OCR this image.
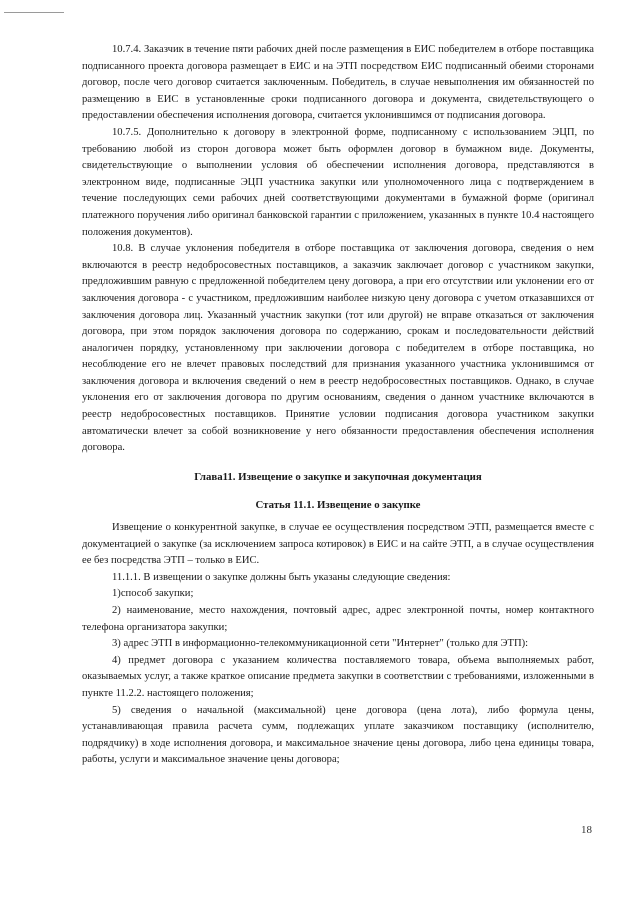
10.7.4. Заказчик в течение пяти рабочих дней после размещения в ЕИС победителем в отборе поставщика подписанного проекта договора размещает в ЕИС и на ЭТП посредством ЕИС подписанный обеими сторонами договор, после чего договор считается заключенным. Победитель, в случае невыполнения им обязанностей по размещению в ЕИС в установленные сроки подписанного договора и документа, свидетельствующего о предоставлении обеспечения исполнения договора, считается уклонившимся от подписания договора.

10.7.5. Дополнительно к договору в электронной форме, подписанному с использованием ЭЦП, по требованию любой из сторон договора может быть оформлен договор в бумажном виде. Документы, свидетельствующие о выполнении условия об обеспечении исполнения договора, представляются в электронном виде, подписанные ЭЦП участника закупки или уполномоченного лица с подтверждением в течение последующих семи рабочих дней соответствующими документами в бумажной форме (оригинал платежного поручения либо оригинал банковской гарантии с приложением, указанных в пункте 10.4 настоящего положения документов).

10.8. В случае уклонения победителя в отборе поставщика от заключения договора, сведения о нем включаются в реестр недобросовестных поставщиков, а заказчик заключает договор с участником закупки, предложившим равную с предложенной победителем цену договора, а при его отсутствии или уклонении его от заключения договора - с участником, предложившим наиболее низкую цену договора с учетом отказавшихся от заключения договора лиц. Указанный участник закупки (тот или другой) не вправе отказаться от заключения договора, при этом порядок заключения договора по содержанию, срокам и последовательности действий аналогичен порядку, установленному при заключении договора с победителем в отборе поставщика, но несоблюдение его не влечет правовых последствий для признания указанного участника уклонившимся от заключения договора и включения сведений о нем в реестр недобросовестных поставщиков. Однако, в случае уклонения его от заключения договора по другим основаниям, сведения о данном участнике включаются в реестр недобросовестных поставщиков. Принятие условии подписания договора участником закупки автоматически влечет за собой возникновение у него обязанности предоставления обеспечения исполнения договора.

Глава11. Извещение о закупке и закупочная документация
Статья 11.1. Извещение о закупке

Извещение о конкурентной закупке, в случае ее осуществления посредством ЭТП, размещается вместе с документацией о закупке (за исключением запроса котировок) в ЕИС и на сайте ЭТП, а в случае осуществления ее без посредства ЭТП – только в ЕИС.

11.1.1. В извещении о закупке должны быть указаны следующие сведения:

1)способ закупки;

2) наименование, место нахождения, почтовый адрес, адрес электронной почты, номер контактного телефона организатора закупки;

3) адрес ЭТП в информационно-телекоммуникационной сети "Интернет" (только для ЭТП):

4) предмет договора с указанием количества поставляемого товара, объема выполняемых работ, оказываемых услуг, а также краткое описание предмета закупки в соответствии с требованиями, изложенными в пункте 11.2.2. настоящего положения;

5) сведения о начальной (максимальной) цене договора (цена лота), либо формула цены, устанавливающая правила расчета сумм, подлежащих уплате заказчиком поставщику (исполнителю, подрядчику) в ходе исполнения договора, и максимальное значение цены договора, либо цена единицы товара, работы, услуги и максимальное значение цены договора;

18
